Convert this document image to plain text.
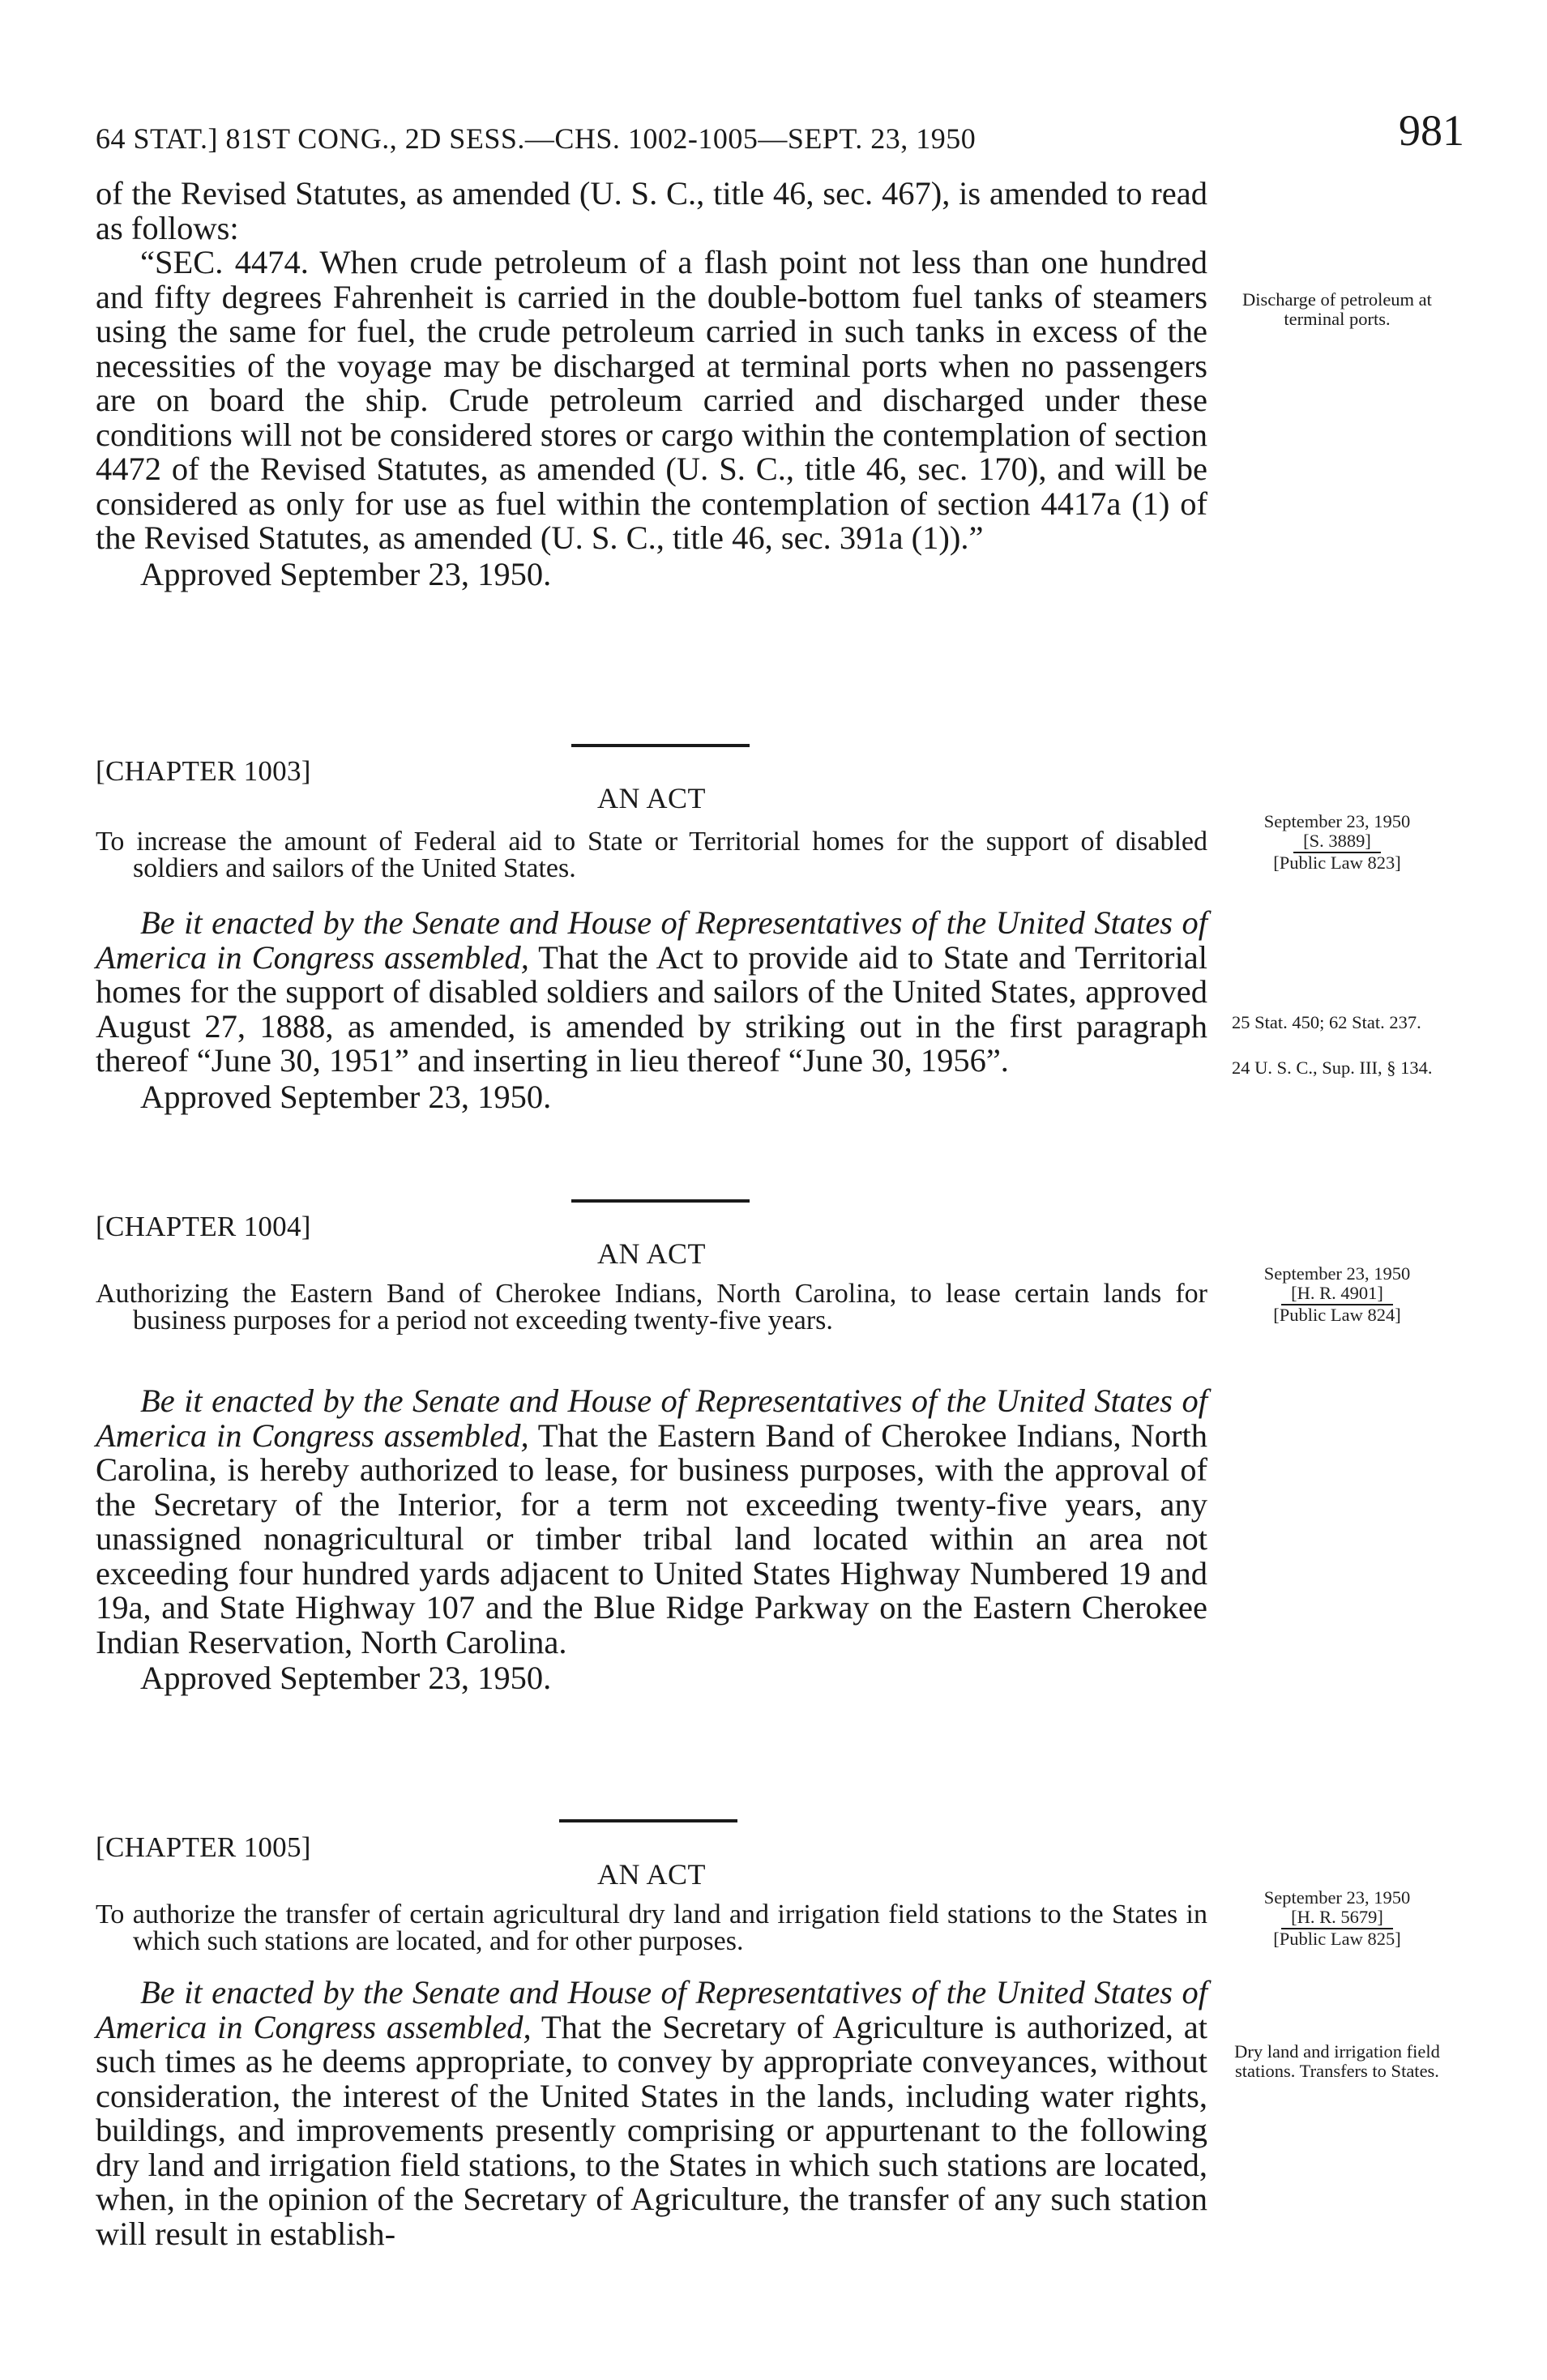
64 STAT.] 81ST CONG., 2D SESS.—CHS. 1002-1005—SEPT. 23, 1950	981

of the Revised Statutes, as amended (U. S. C., title 46, sec. 467), is amended to read as follows:

“SEC. 4474. When crude petroleum of a flash point not less than one hundred and fifty degrees Fahrenheit is carried in the double-bottom fuel tanks of steamers using the same for fuel, the crude petroleum carried in such tanks in excess of the necessities of the voyage may be discharged at terminal ports when no passengers are on board the ship. Crude petroleum carried and discharged under these conditions will not be considered stores or cargo within the contemplation of section 4472 of the Revised Statutes, as amended (U. S. C., title 46, sec. 170), and will be considered as only for use as fuel within the contemplation of section 4417a (1) of the Revised Statutes, as amended (U. S. C., title 46, sec. 391a (1)).”

Approved September 23, 1950.

Discharge of petroleum at terminal ports.
[CHAPTER 1003]
AN ACT
To increase the amount of Federal aid to State or Territorial homes for the support of disabled soldiers and sailors of the United States.
September 23, 1950
[S. 3889]
[Public Law 823]

Be it enacted by the Senate and House of Representatives of the United States of America in Congress assembled, That the Act to provide aid to State and Territorial homes for the support of disabled soldiers and sailors of the United States, approved August 27, 1888, as amended, is amended by striking out in the first paragraph thereof “June 30, 1951” and inserting in lieu thereof “June 30, 1956”.

Approved September 23, 1950.

25 Stat. 450; 62 Stat. 237.
24 U. S. C., Sup. III, § 134.
[CHAPTER 1004]
AN ACT
Authorizing the Eastern Band of Cherokee Indians, North Carolina, to lease certain lands for business purposes for a period not exceeding twenty-five years.
September 23, 1950
[H. R. 4901]
[Public Law 824]

Be it enacted by the Senate and House of Representatives of the United States of America in Congress assembled, That the Eastern Band of Cherokee Indians, North Carolina, is hereby authorized to lease, for business purposes, with the approval of the Secretary of the Interior, for a term not exceeding twenty-five years, any unassigned nonagricultural or timber tribal land located within an area not exceeding four hundred yards adjacent to United States Highway Numbered 19 and 19a, and State Highway 107 and the Blue Ridge Parkway on the Eastern Cherokee Indian Reservation, North Carolina.

Approved September 23, 1950.

[CHAPTER 1005]
AN ACT
To authorize the transfer of certain agricultural dry land and irrigation field stations to the States in which such stations are located, and for other purposes.
September 23, 1950
[H. R. 5679]
[Public Law 825]

Be it enacted by the Senate and House of Representatives of the United States of America in Congress assembled, That the Secretary of Agriculture is authorized, at such times as he deems appropriate, to convey by appropriate conveyances, without consideration, the interest of the United States in the lands, including water rights, buildings, and improvements presently comprising or appurtenant to the following dry land and irrigation field stations, to the States in which such stations are located, when, in the opinion of the Secretary of Agriculture, the transfer of any such station will result in establish-

Dry land and irrigation field stations. Transfers to States.
